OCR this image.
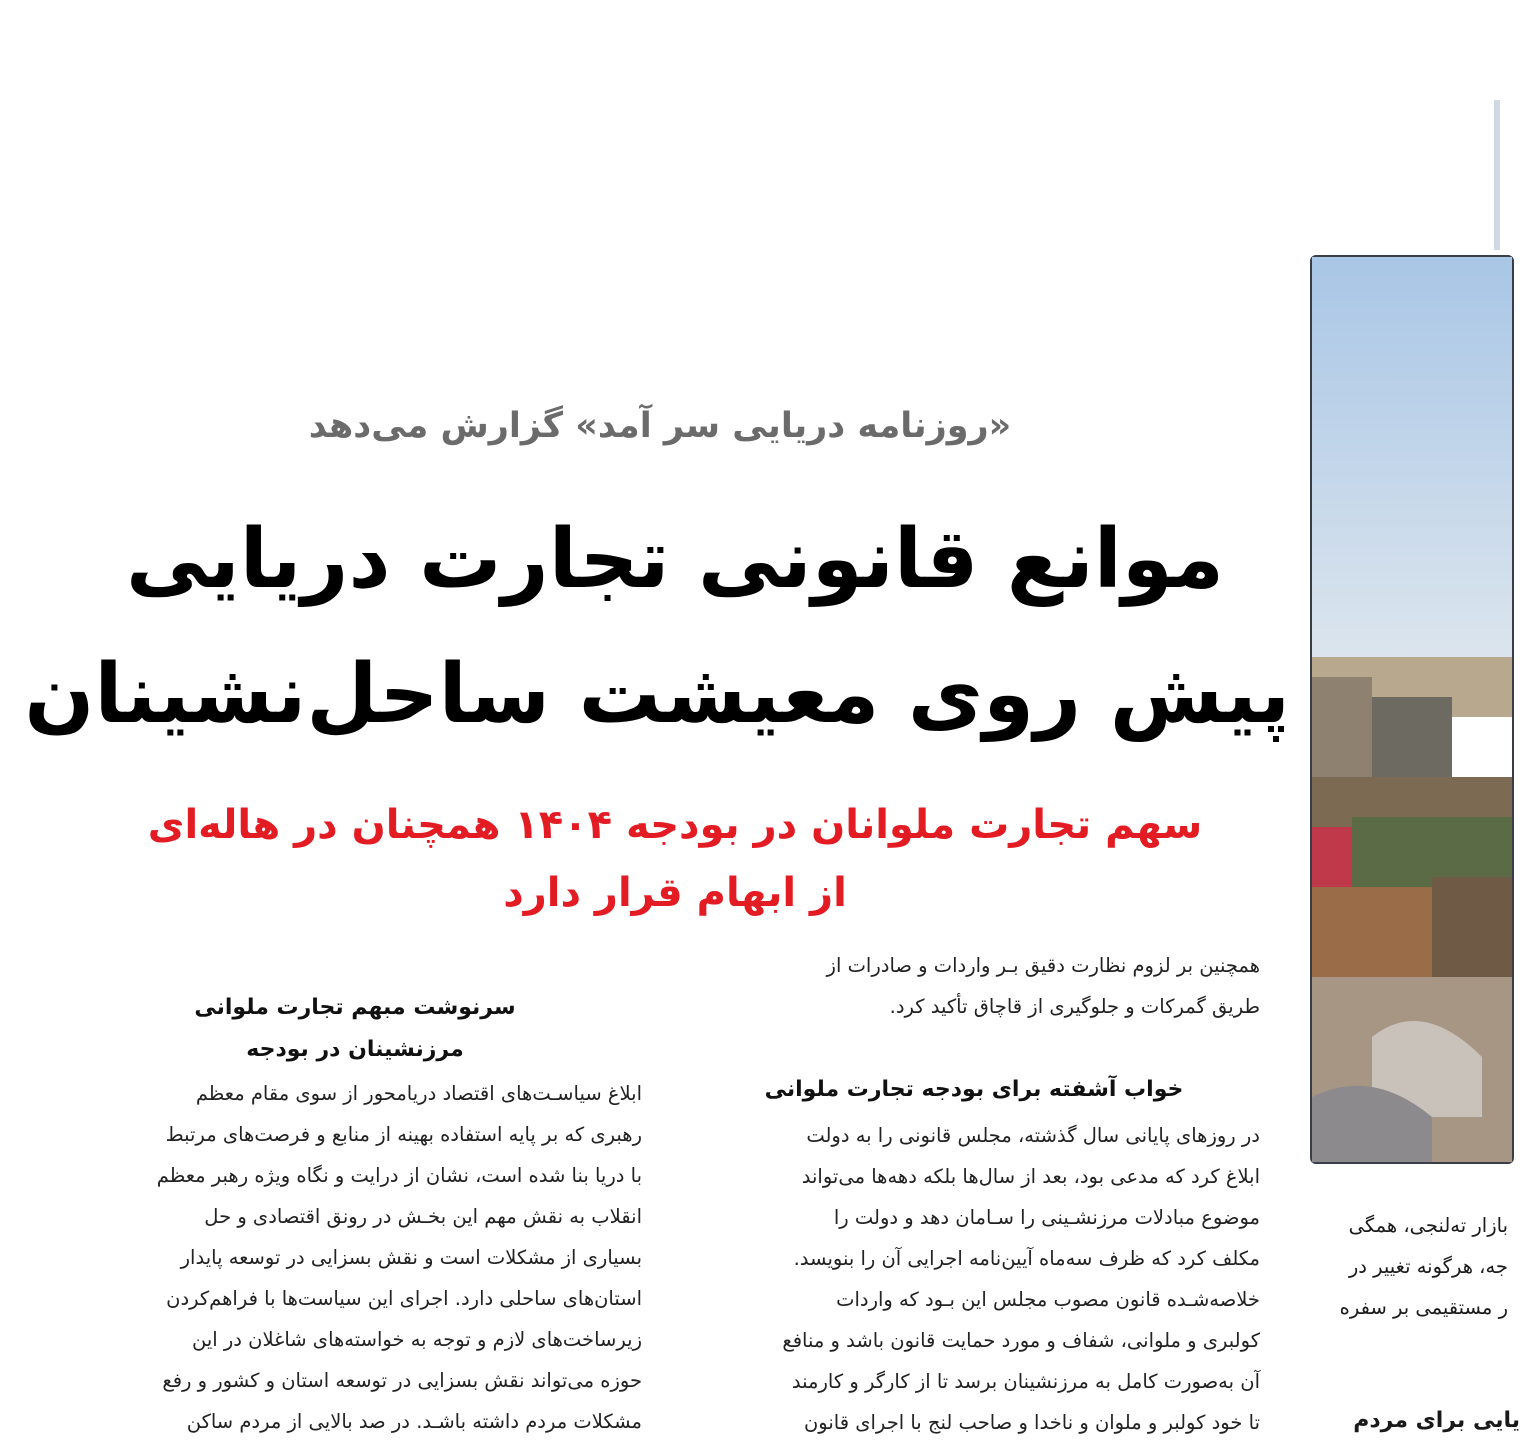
«روزنامه دریایی سر آمد» گزارش می‌دهد
موانع قانونی تجارت دریایی
پیش روی معیشت ساحل‌نشینان
سهم تجارت ملوانان در بودجه ۱۴۰۴ همچنان در هاله‌ای
از ابهام قرار دارد

همچنین بر لزوم نظارت دقیق بـر واردات و صادرات از

طریق گمرکات و جلوگیری از قاچاق تأکید کرد.

خواب آشفته برای بودجه تجارت ملوانی

در روزهای پایانی سال گذشته، مجلس قانونی را به دولت

ابلاغ کرد که مدعی بود، بعد از سال‌ها بلکه دهه‌ها می‌تواند

موضوع مبادلات مرزنشـینی را سـامان دهد و دولت را

مکلف کرد که ظرف سه‌ماه آیین‌نامه اجرایی آن را بنویسد.

خلاصه‌شـده قانون مصوب مجلس این بـود که واردات

کولبری و ملوانی، شفاف و مورد حمایت قانون باشد و منافع

آن به‌صورت کامل به مرزنشینان برسد تا از کارگر و کارمند

تا خود کولبر و ملوان و ناخدا و صاحب لنج با اجرای قانون

سرنوشت مبهم تجارت ملوانی
مرزنشینان در بودجه

ابلاغ سیاسـت‌های اقتصاد دریامحور از سوی مقام معظم

رهبری که بر پایه استفاده بهینه از منابع و فرصت‌های مرتبط

با دریا بنا شده است، نشان از درایت و نگاه ویژه رهبر معظم

انقلاب به نقش مهم این بخـش در رونق اقتصادی و حل

بسیاری از مشکلات است و نقش بسزایی در توسعه پایدار

استان‌های ساحلی دارد. اجرای این سیاست‌ها با فراهم‌کردن

زیرساخت‌های لازم و توجه به خواسته‌های شاغلان در این

حوزه می‌تواند نقش بسزایی در توسعه استان و کشور و رفع

مشکلات مردم داشته باشـد. در صد بالایی از مردم ساکن

بازار ته‌لنجی، همگی

جه، هرگونه تغییر در

ر مستقیمی بر سفره

یایی برای مردم
